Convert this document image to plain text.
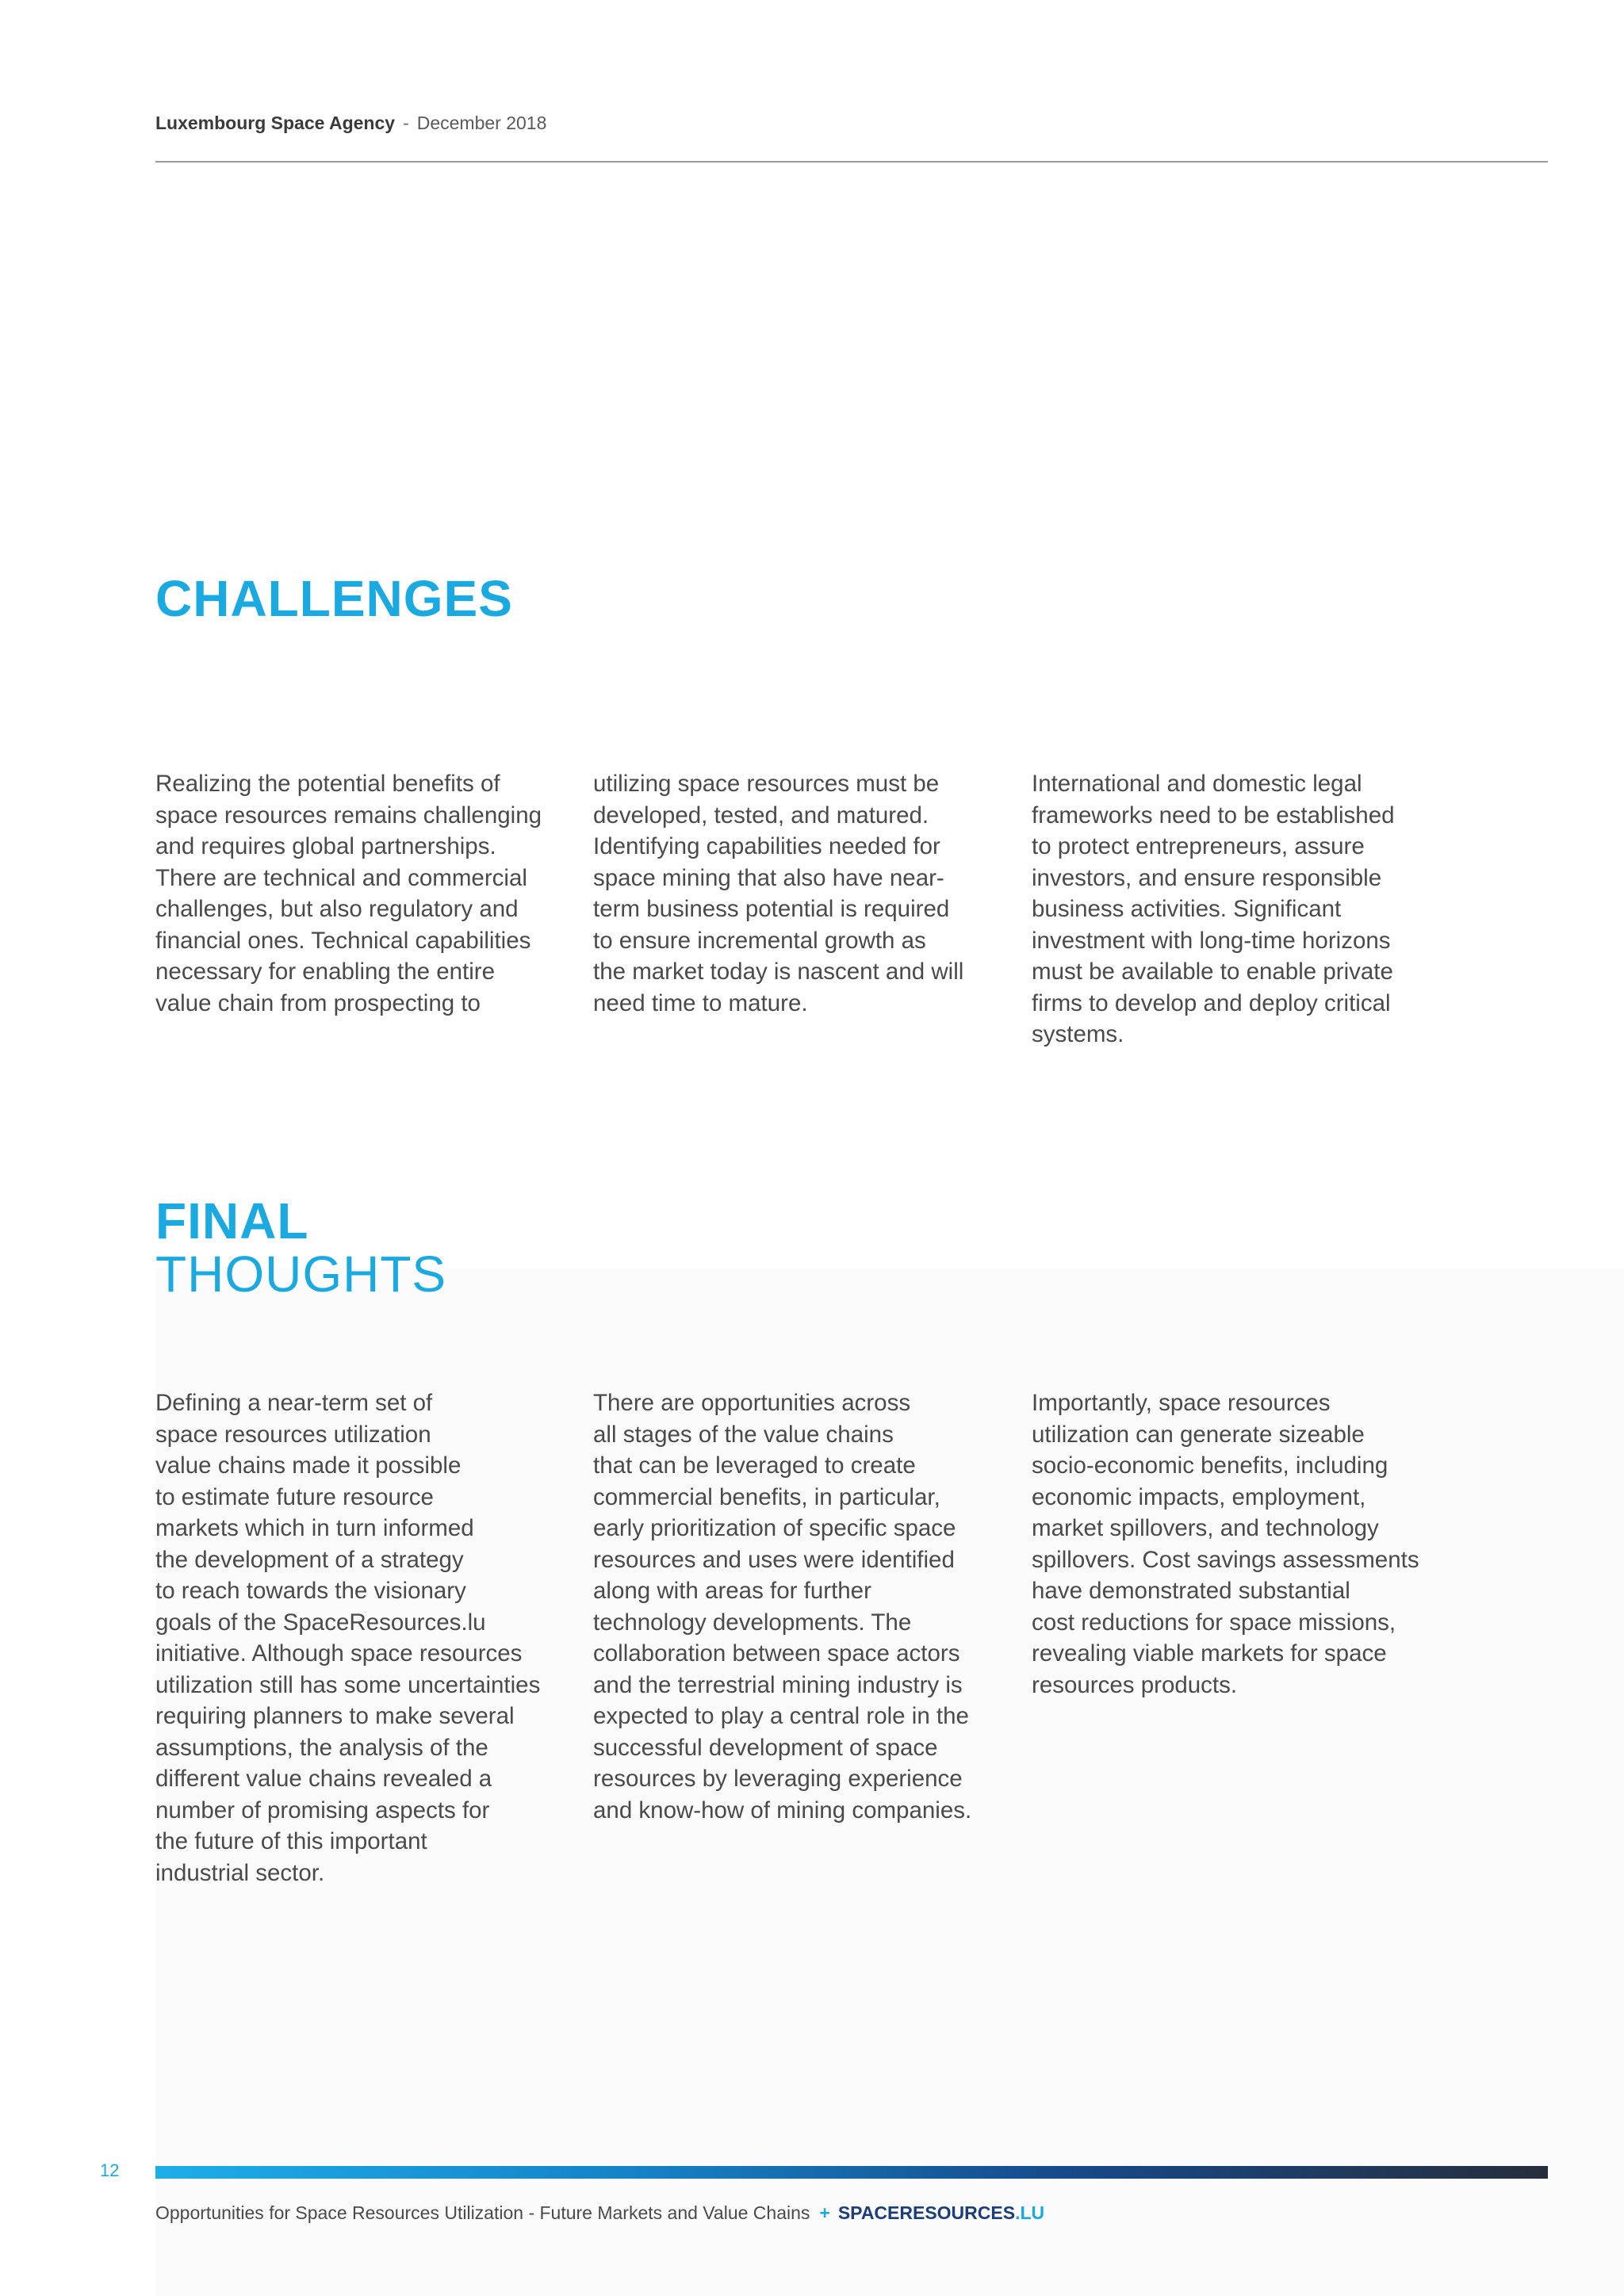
Luxembourg Space Agency - December 2018
CHALLENGES
Realizing the potential benefits of
space resources remains challenging
and requires global partnerships.
There are technical and commercial
challenges, but also regulatory and
financial ones. Technical capabilities
necessary for enabling the entire
value chain from prospecting to
utilizing space resources must be
developed, tested, and matured.
Identifying capabilities needed for
space mining that also have near-
term business potential is required
to ensure incremental growth as
the market today is nascent and will
need time to mature.
International and domestic legal
frameworks need to be established
to protect entrepreneurs, assure
investors, and ensure responsible
business activities. Significant
investment with long-time horizons
must be available to enable private
firms to develop and deploy critical
systems.
FINAL
THOUGHTS
Defining a near-term set of
space resources utilization
value chains made it possible
to estimate future resource
markets which in turn informed
the development of a strategy
to reach towards the visionary
goals of the SpaceResources.lu
initiative. Although space resources
utilization still has some uncertainties
requiring planners to make several
assumptions, the analysis of the
different value chains revealed a
number of promising aspects for
the future of this important
industrial sector.
There are opportunities across
all stages of the value chains
that can be leveraged to create
commercial benefits, in particular,
early prioritization of specific space
resources and uses were identified
along with areas for further
technology developments. The
collaboration between space actors
and the terrestrial mining industry is
expected to play a central role in the
successful development of space
resources by leveraging experience
and know-how of mining companies.
Importantly, space resources
utilization can generate sizeable
socio-economic benefits, including
economic impacts, employment,
market spillovers, and technology
spillovers. Cost savings assessments
have demonstrated substantial
cost reductions for space missions,
revealing viable markets for space
resources products.
12
Opportunities for Space Resources Utilization - Future Markets and Value Chains + SPACERESOURCES.LU
